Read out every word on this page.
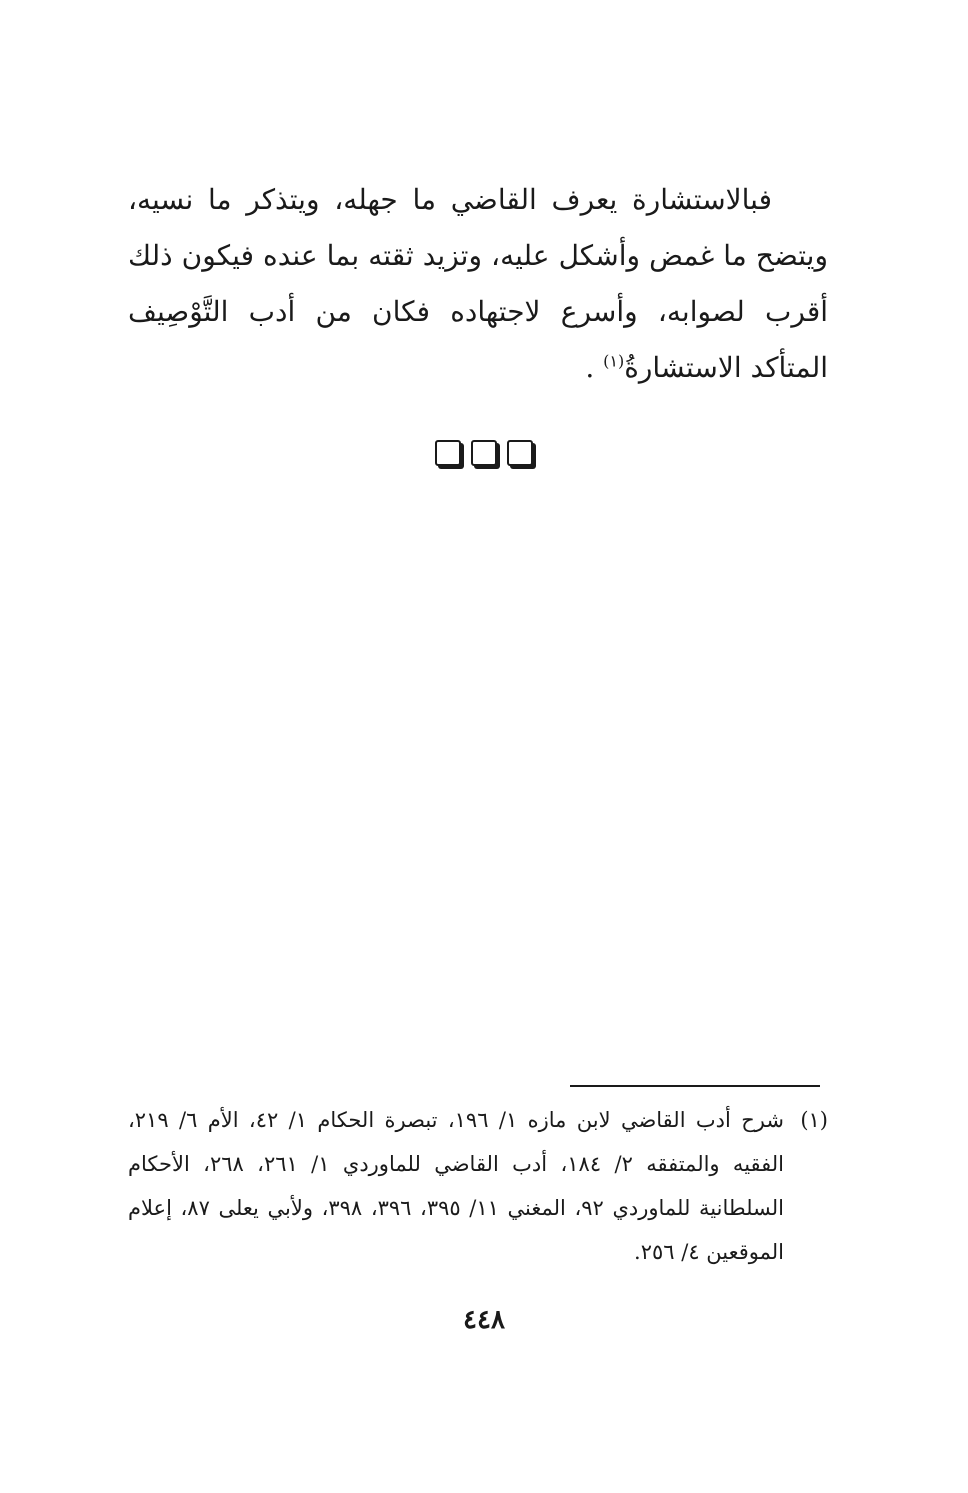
فبالاستشارة يعرف القاضي ما جهله، ويتذكر ما نسيه، ويتضح ما غمض وأشكل عليه، وتزيد ثقته بما عنده فيكون ذلك أقرب لصوابه، وأسرع لاجتهاده فكان من أدب التَّوْصِيف المتأكد الاستشارةُ$^{(١)}$ .

(١)
شرح أدب القاضي لابن مازه ١/ ١٩٦، تبصرة الحكام ١/ ٤٢، الأم ٦/ ٢١٩، الفقيه والمتفقه ٢/ ١٨٤، أدب القاضي للماوردي ١/ ٢٦١، ٢٦٨، الأحكام السلطانية للماوردي ٩٢، المغني ١١/ ٣٩٥، ٣٩٦، ٣٩٨، ولأبي يعلى ٨٧، إعلام الموقعين ٤/ ٢٥٦.
٤٤٨
